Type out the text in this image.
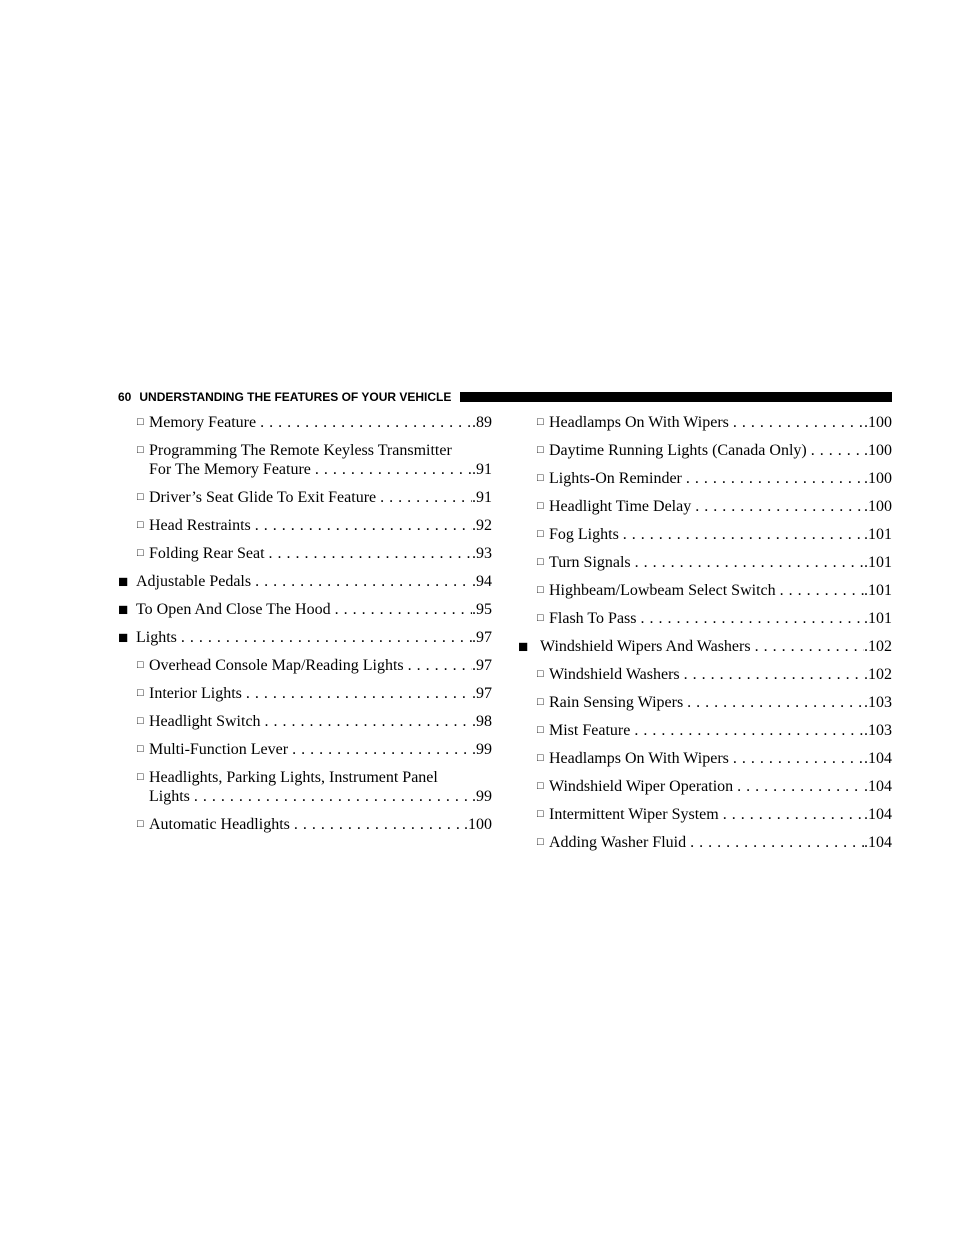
60 UNDERSTANDING THE FEATURES OF YOUR VEHICLE
□ Memory Feature . . .	.89
□ Programming The Remote Keyless Transmitter
For The Memory Feature . . .	.91
□ Driver’s Seat Glide To Exit Feature . . .	.91
□ Head Restraints . . .	.92
□ Folding Rear Seat . . .	.93
■ Adjustable Pedals . . .	.94
■ To Open And Close The Hood . . .	.95
■ Lights . . .	.97
□ Overhead Console Map/Reading Lights . . .	.97
□ Interior Lights . . .	.97
□ Headlight Switch . . .	.98
□ Multi-Function Lever . . .	.99
□ Headlights, Parking Lights, Instrument Panel
Lights . . .	.99
□ Automatic Headlights . . .	.100
□ Headlamps On With Wipers . . .	.100
□ Daytime Running Lights (Canada Only) . . .	.100
□ Lights-On Reminder . . .	.100
□ Headlight Time Delay . . .	.100
□ Fog Lights . . .	.101
□ Turn Signals . . .	.101
□ Highbeam/Lowbeam Select Switch . . .	.101
□ Flash To Pass . . .	.101
■ Windshield Wipers And Washers . . .	.102
□ Windshield Washers . . .	.102
□ Rain Sensing Wipers . . .	.103
□ Mist Feature . . .	.103
□ Headlamps On With Wipers . . .	.104
□ Windshield Wiper Operation . . .	.104
□ Intermittent Wiper System . . .	.104
□ Adding Washer Fluid . . .	.104
